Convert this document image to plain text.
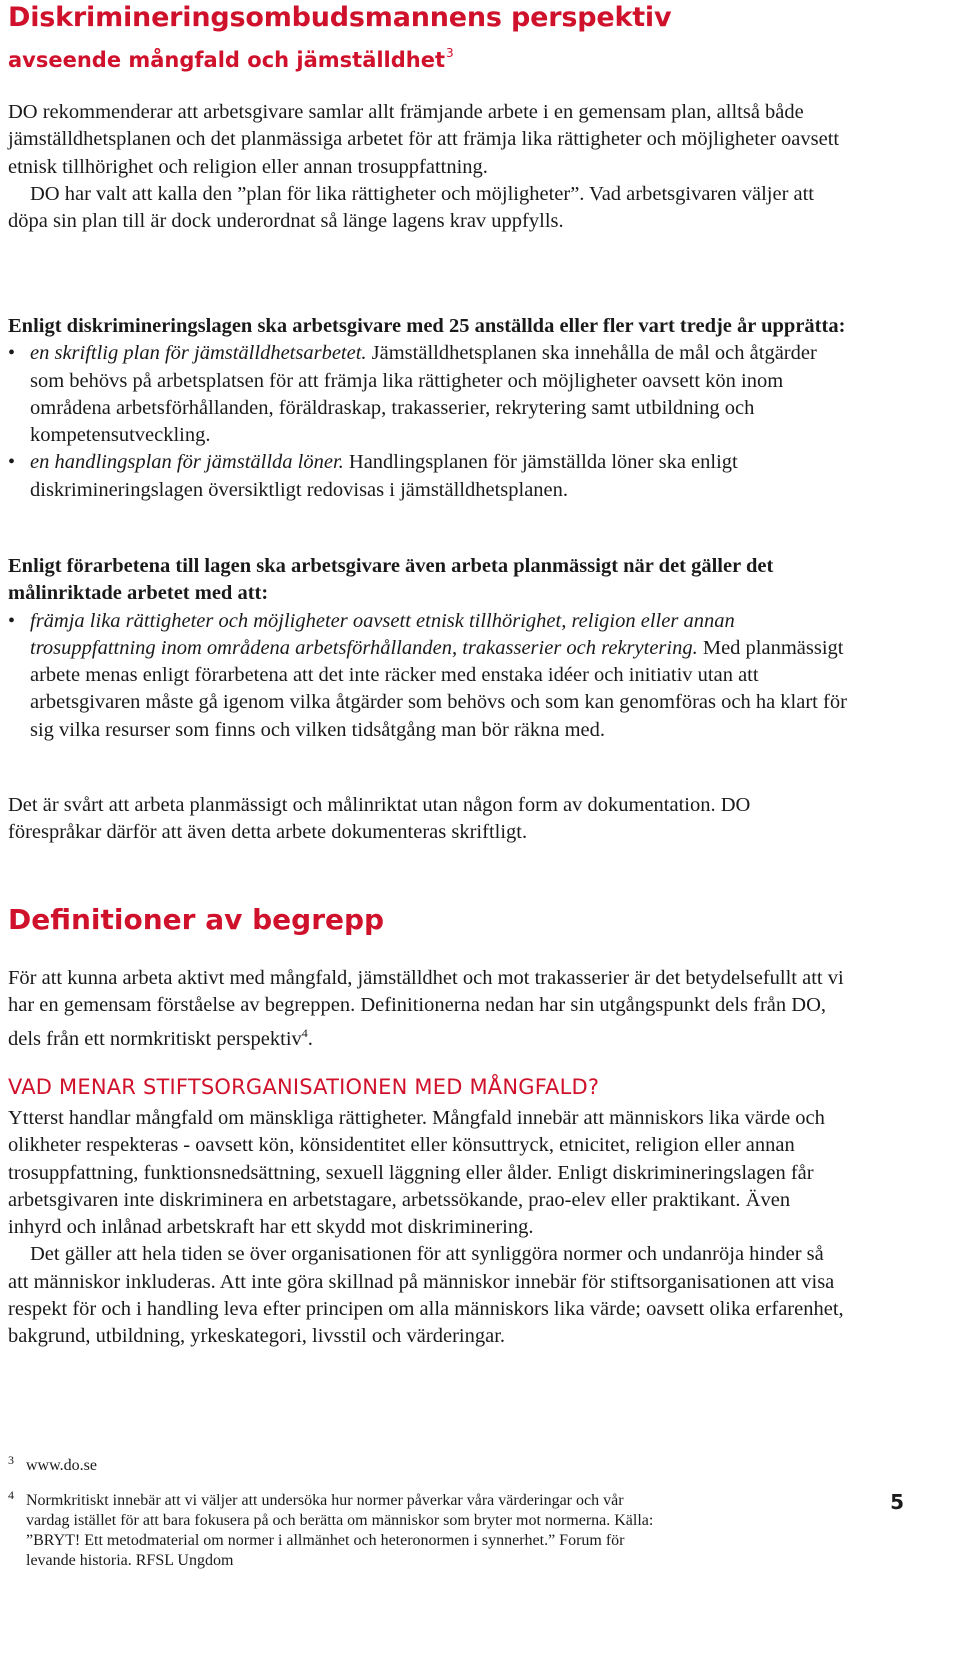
Diskrimineringsombudsmannens perspektiv
avseende mångfald och jämställdhet$^3$

DO rekommenderar att arbetsgivare samlar allt främjande arbete i en gemensam plan, alltså både jämställdhetsplanen och det planmässiga arbetet för att främja lika rättigheter och möjligheter oavsett etnisk tillhörighet och religion eller annan trosuppfattning.

DO har valt att kalla den ”plan för lika rättigheter och möjligheter”. Vad arbetsgivaren väljer att döpa sin plan till är dock underordnat så länge lagens krav uppfylls.

Enligt diskrimineringslagen ska arbetsgivare med 25 anställda eller fler vart tredje år upprätta:

• en skriftlig plan för jämställdhetsarbetet. Jämställdhetsplanen ska innehålla de mål och åtgärder som behövs på arbetsplatsen för att främja lika rättigheter och möjligheter oavsett kön inom områdena arbetsförhållanden, föräldraskap, trakasserier, rekrytering samt utbildning och kompetensutveckling.
• en handlingsplan för jämställda löner. Handlingsplanen för jämställda löner ska enligt diskrimineringslagen översiktligt redovisas i jämställdhetsplanen.

Enligt förarbetena till lagen ska arbetsgivare även arbeta planmässigt när det gäller det målinriktade arbetet med att:

• främja lika rättigheter och möjligheter oavsett etnisk tillhörighet, religion eller annan trosuppfattning inom områdena arbetsförhållanden, trakasserier och rekrytering. Med planmässigt arbete menas enligt förarbetena att det inte räcker med enstaka idéer och initiativ utan att arbetsgivaren måste gå igenom vilka åtgärder som behövs och som kan genomföras och ha klart för sig vilka resurser som finns och vilken tidsåtgång man bör räkna med.

Det är svårt att arbeta planmässigt och målinriktat utan någon form av dokumentation. DO förespråkar därför att även detta arbete dokumenteras skriftligt.

Definitioner av begrepp

För att kunna arbeta aktivt med mångfald, jämställdhet och mot trakasserier är det betydelsefullt att vi har en gemensam förståelse av begreppen. Definitionerna nedan har sin utgångspunkt dels från DO, dels från ett normkritiskt perspektiv$^4$.

VAD MENAR STIFTSORGANISATIONEN MED MÅNGFALD?

Ytterst handlar mångfald om mänskliga rättigheter. Mångfald innebär att människors lika värde och olikheter respekteras - oavsett kön, könsidentitet eller könsuttryck, etnicitet, religion eller annan trosuppfattning, funktionsnedsättning, sexuell läggning eller ålder. Enligt diskrimineringslagen får arbetsgivaren inte diskriminera en arbetstagare, arbetssökande, prao-elev eller praktikant. Även inhyrd och inlånad arbetskraft har ett skydd mot diskriminering.

Det gäller att hela tiden se över organisationen för att synliggöra normer och undanröja hinder så att människor inkluderas. Att inte göra skillnad på människor innebär för stiftsorganisationen att visa respekt för och i handling leva efter principen om alla människors lika värde; oavsett olika erfarenhet, bakgrund, utbildning, yrkeskategori, livsstil och värderingar.

3 www.do.se
4 Normkritiskt innebär att vi väljer att undersöka hur normer påverkar våra värderingar och vår vardag istället för att bara fokusera på och berätta om människor som bryter mot normerna. Källa: ”BRYT! Ett metodmaterial om normer i allmänhet och heteronormen i synnerhet.” Forum för levande historia. RFSL Ungdom
5
